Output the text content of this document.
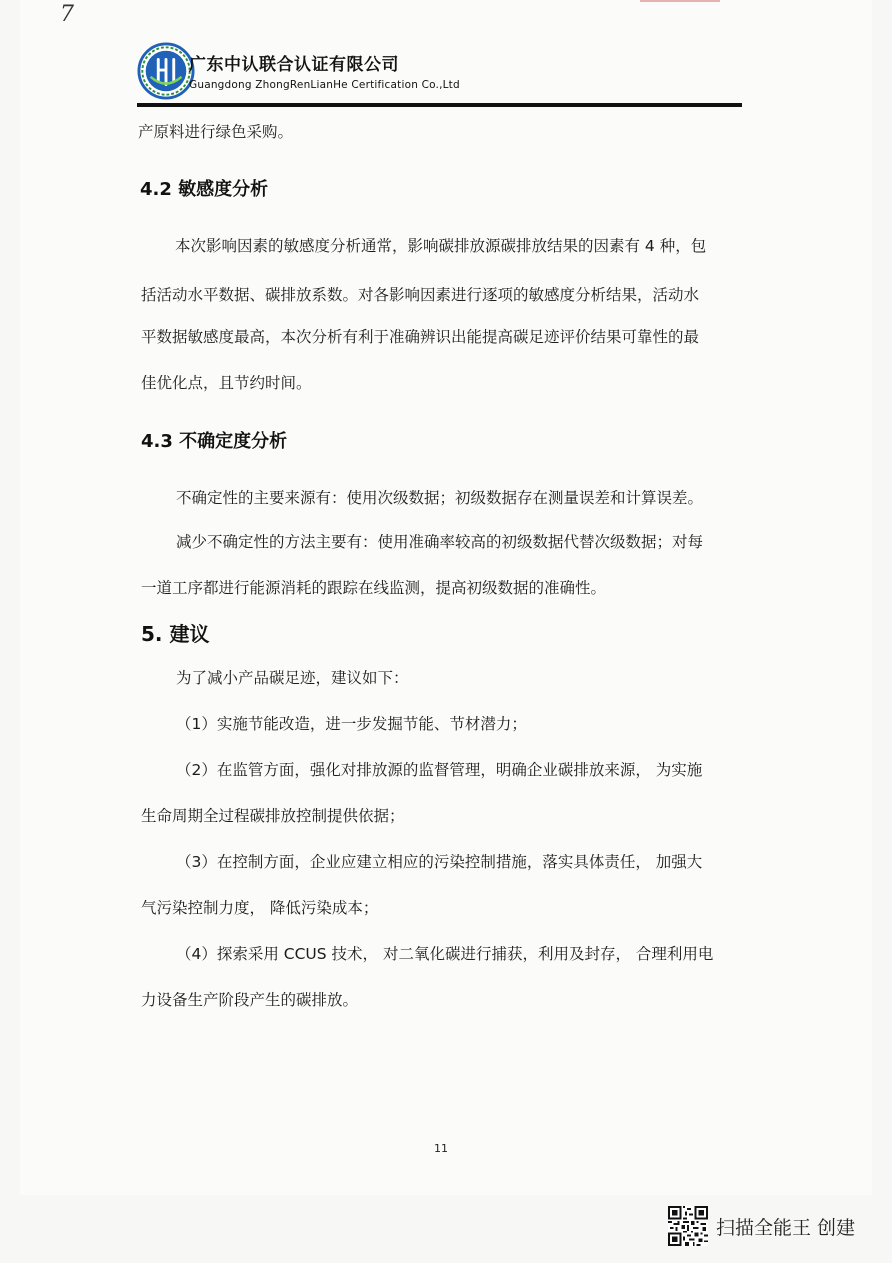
7
广东中认联合认证有限公司
Guangdong ZhongRenLianHe Certification Co.,Ltd
产原料进行绿色采购。
4.2 敏感度分析
本次影响因素的敏感度分析通常，影响碳排放源碳排放结果的因素有 4 种，包
括活动水平数据、碳排放系数。对各影响因素进行逐项的敏感度分析结果，活动水
平数据敏感度最高，本次分析有利于准确辨识出能提高碳足迹评价结果可靠性的最
佳优化点，且节约时间。
4.3 不确定度分析
不确定性的主要来源有：使用次级数据；初级数据存在测量误差和计算误差。
减少不确定性的方法主要有：使用准确率较高的初级数据代替次级数据；对每
一道工序都进行能源消耗的跟踪在线监测，提高初级数据的准确性。
5. 建议
为了减小产品碳足迹，建议如下：
（1）实施节能改造，进一步发掘节能、节材潜力；
（2）在监管方面，强化对排放源的监督管理，明确企业碳排放来源， 为实施
生命周期全过程碳排放控制提供依据；
（3）在控制方面，企业应建立相应的污染控制措施，落实具体责任， 加强大
气污染控制力度， 降低污染成本；
（4）探索采用 CCUS 技术， 对二氧化碳进行捕获，利用及封存， 合理利用电
力设备生产阶段产生的碳排放。
11
扫描全能王 创建
